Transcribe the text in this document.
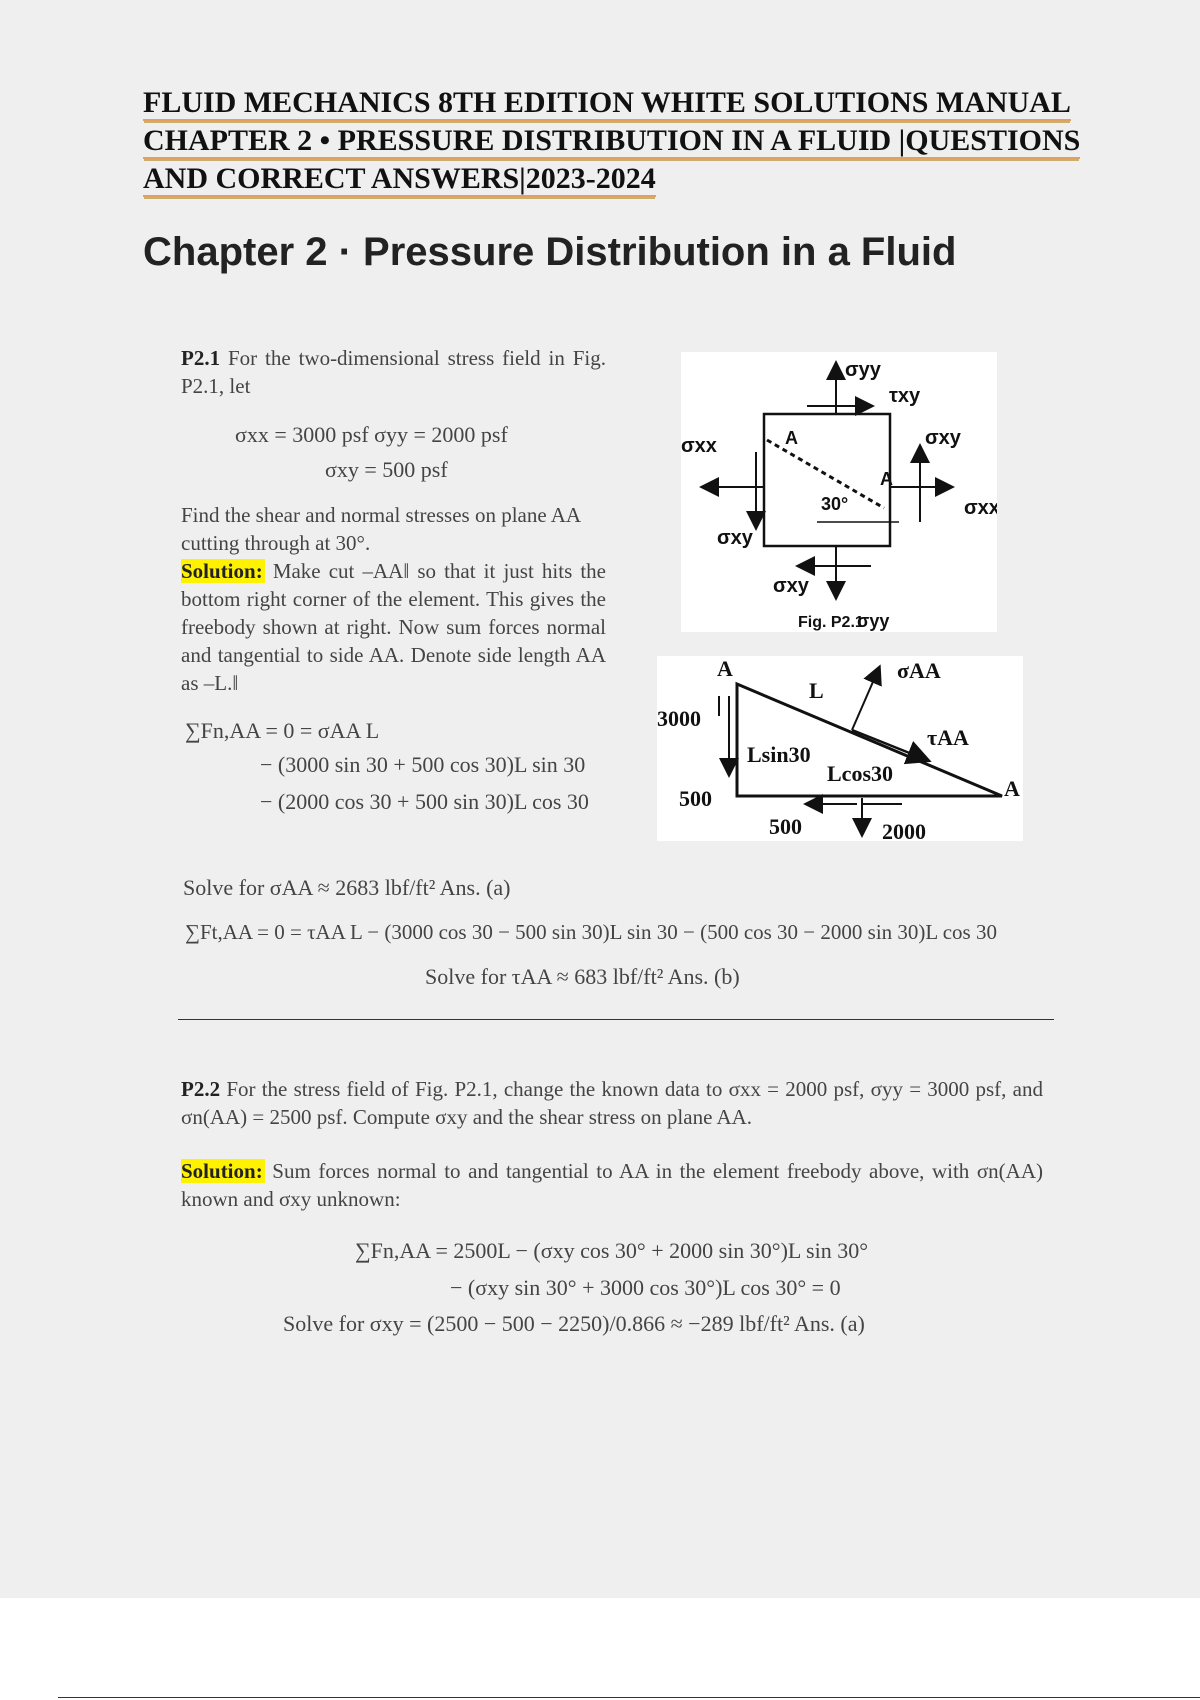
FLUID MECHANICS 8TH EDITION WHITE SOLUTIONS MANUAL
CHAPTER 2 • PRESSURE DISTRIBUTION IN A FLUID |QUESTIONS
AND CORRECT ANSWERS|2023-2024
Chapter 2 · Pressure Distribution in a Fluid
P2.1 For the two-dimensional stress field in Fig. P2.1, let
σxx = 3000 psf σyy = 2000 psf
σxy = 500 psf
Find the shear and normal stresses on plane AA cutting through at 30°.
Solution: Make cut –AA‖ so that it just hits the bottom right corner of the element. This gives the freebody shown at right. Now sum forces normal and tangential to side AA. Denote side length AA as –L.‖
∑Fn,AA = 0 = σAA L
− (3000 sin 30 + 500 cos 30)L sin 30
− (2000 cos 30 + 500 sin 30)L cos 30
σyy
τxy
σxy
σxx
σxx
σxy
σxy
A
A
30°
Fig. P2.1
σyy
A
A
L
σAA
τAA
3000
500
500	2000
Lsin30
Lcos30
Solve for σAA ≈ 2683 lbf/ft² Ans. (a)
∑Ft,AA = 0 = τAA L − (3000 cos 30 − 500 sin 30)L sin 30 − (500 cos 30 − 2000 sin 30)L cos 30
Solve for τAA ≈ 683 lbf/ft² Ans. (b)
P2.2 For the stress field of Fig. P2.1, change the known data to σxx = 2000 psf, σyy = 3000 psf, and σn(AA) = 2500 psf. Compute σxy and the shear stress on plane AA.
Solution: Sum forces normal to and tangential to AA in the element freebody above, with σn(AA) known and σxy unknown:
∑Fn,AA = 2500L − (σxy cos 30° + 2000 sin 30°)L sin 30°
− (σxy sin 30° + 3000 cos 30°)L cos 30° = 0
Solve for σxy = (2500 − 500 − 2250)/0.866 ≈ −289 lbf/ft² Ans. (a)
